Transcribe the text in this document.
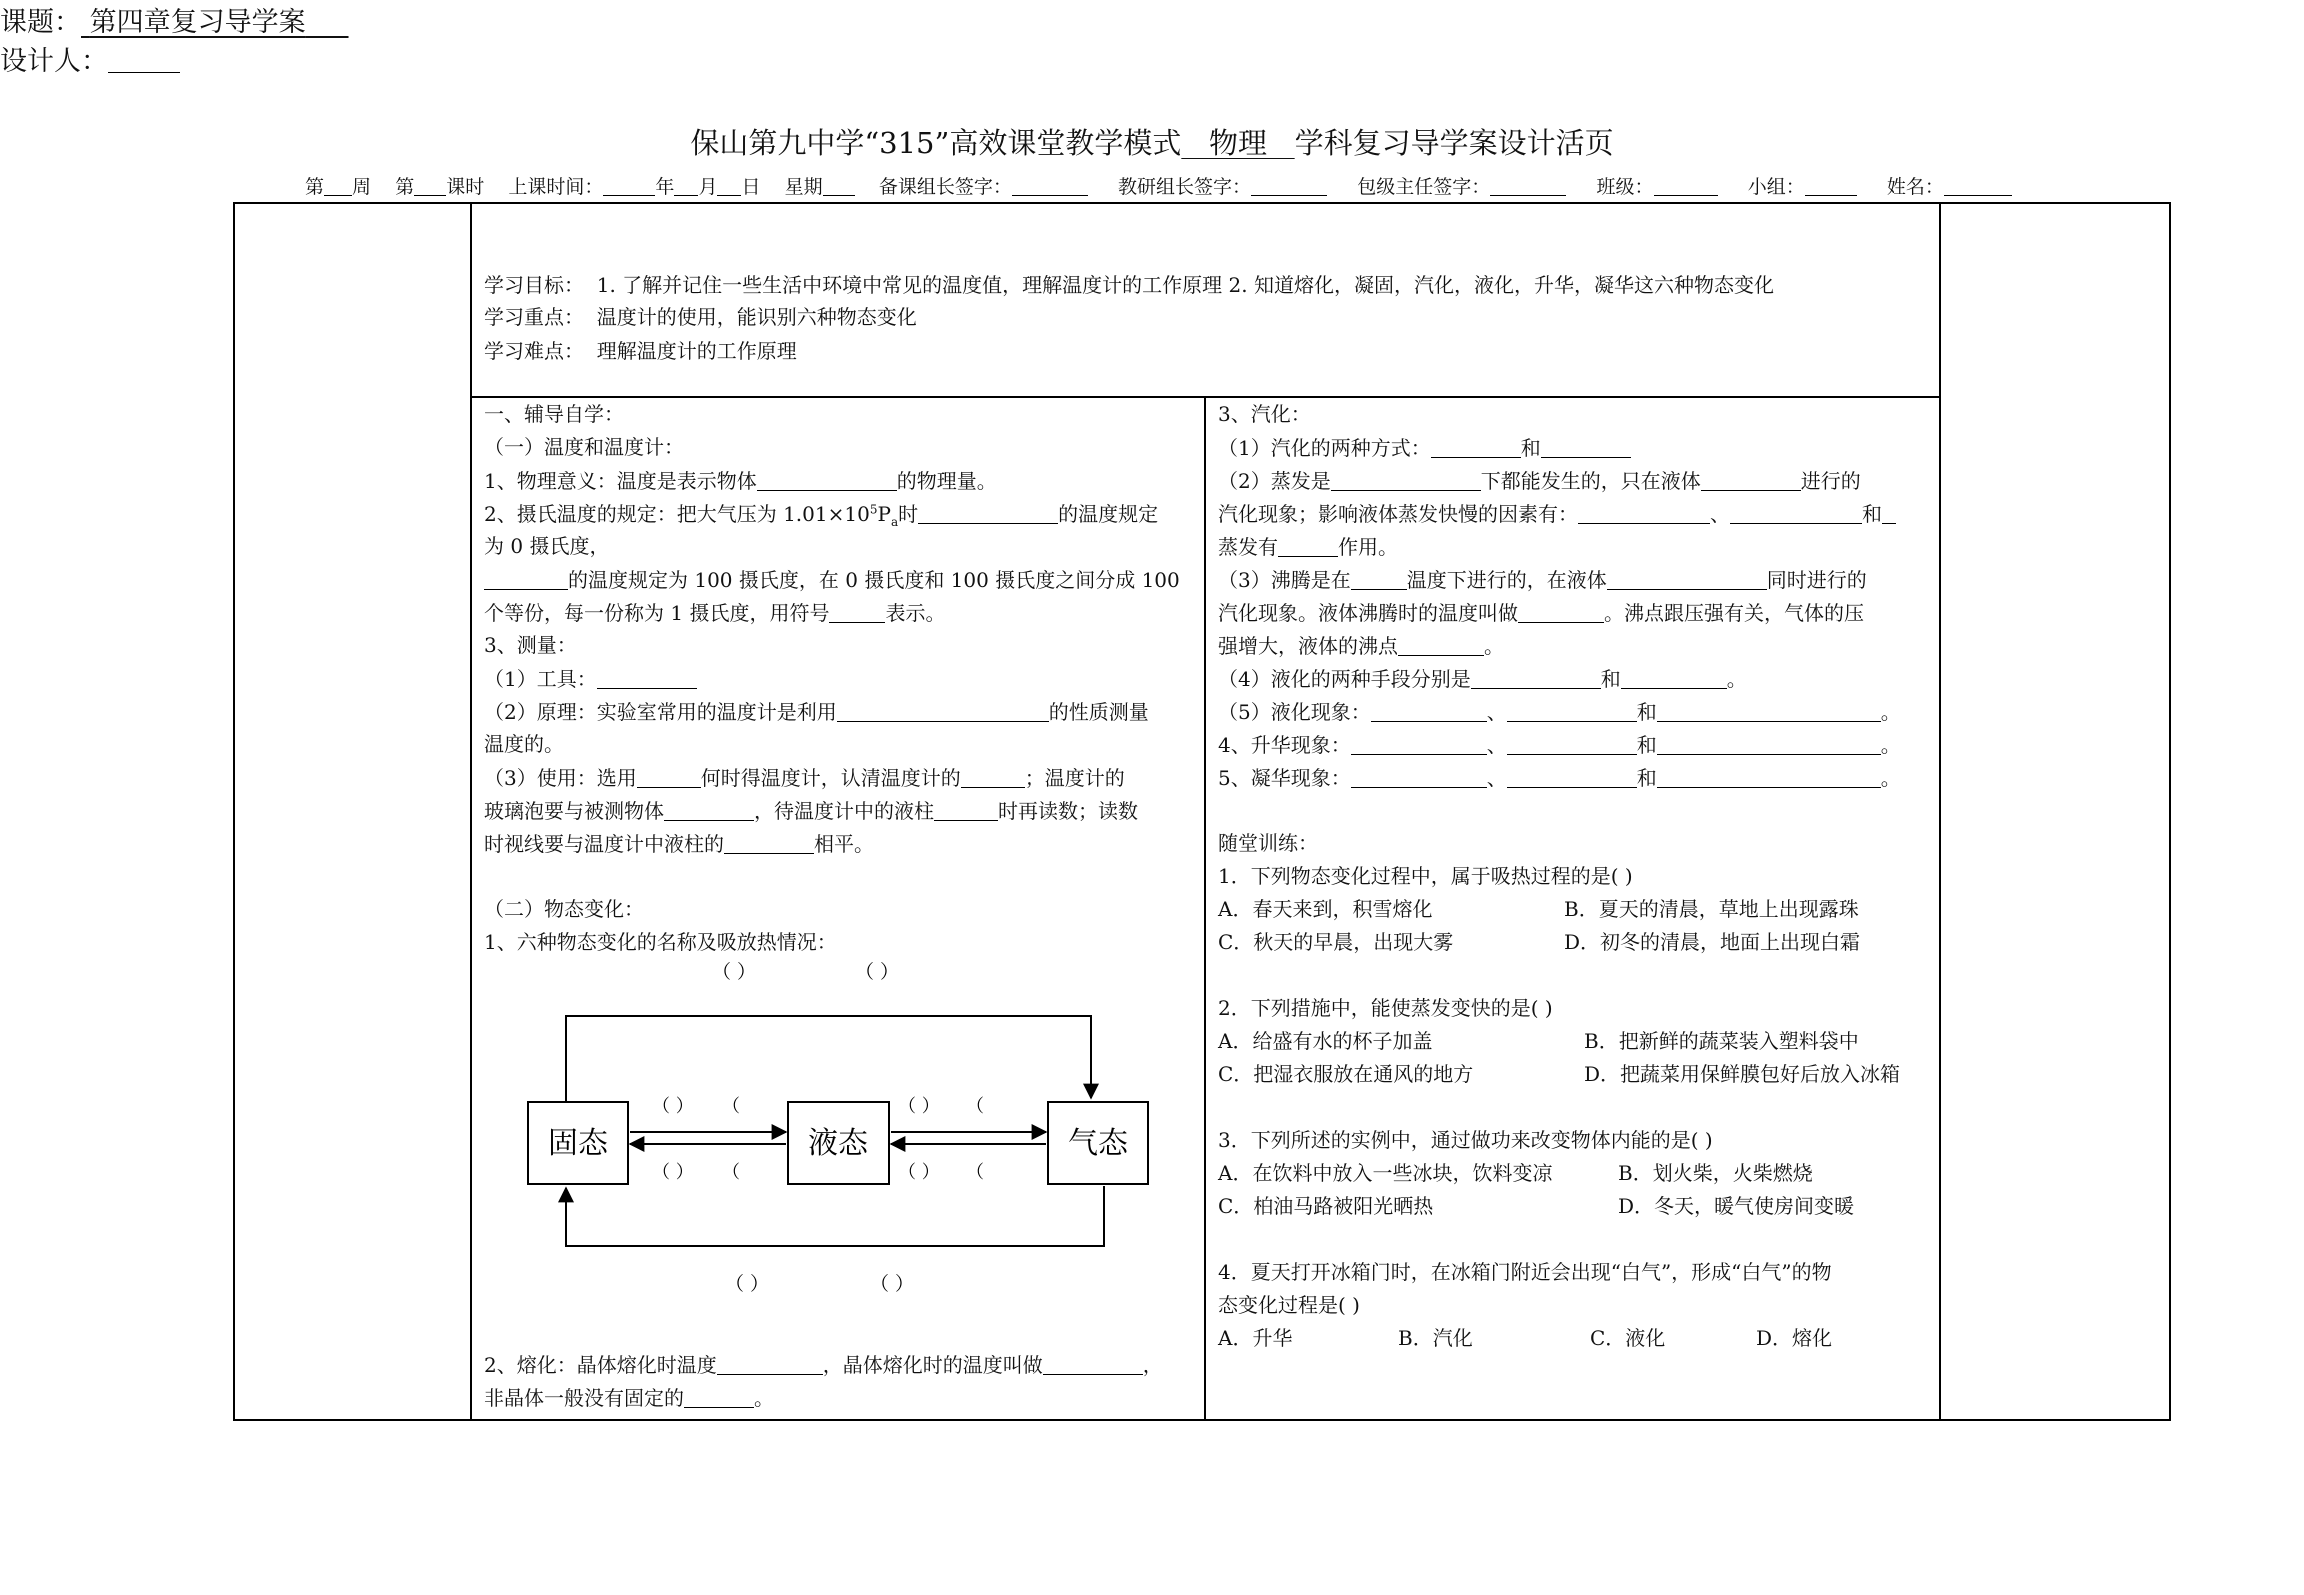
保山第九中学“315”高效课堂教学模式 物理 学科复习导学案设计活页
第 周 第 课时 上课时间：	年 月 日 星期	备课组长签字：	教研组长签字：	包级主任签字：	班级：	小组：	姓名：
课题： 第四章复习导学案
设计人：
学习目标： 1. 了解并记住一些生活中环境中常见的温度值，理解温度计的工作原理 2. 知道熔化，凝固，汽化，液化，升华，凝华这六种物态变化
学习重点： 温度计的使用，能识别六种物态变化
学习难点： 理解温度计的工作原理
一、辅导自学：
（一）温度和温度计：
1、物理意义：温度是表示物体	的物理量。
2、摄氏温度的规定：把大气压为 $1.01\times 10^5P_a$时	的温度规定
为 0 摄氏度，
的温度规定为 100 摄氏度，在 0 摄氏度和 100 摄氏度之间分成 100
个等份，每一份称为 1 摄氏度，用符号	表示。
3、测量：
（1）工具：
（2）原理：实验室常用的温度计是利用	的性质测量
温度的。
（3）使用：选用	何时得温度计，认清温度计的	；温度计的
玻璃泡要与被测物体	，待温度计中的液柱	时再读数；读数
时视线要与温度计中液柱的	相平。
（二）物态变化：
1、六种物态变化的名称及吸放热情况：
（ ）	（ ）
固态	液态	气态
（ ） （	（ ） （
（ ） （	（ ） （
（ ）	（ ）
2、熔化：晶体熔化时温度	，晶体熔化时的温度叫做	，
非晶体一般没有固定的	。
3、汽化：
（1）汽化的两种方式：	和
（2）蒸发是	下都能发生的，只在液体	进行的
汽化现象；影响液体蒸发快慢的因素有：	、	和
蒸发有	作用。
（3）沸腾是在	温度下进行的，在液体	同时进行的
汽化现象。液体沸腾时的温度叫做	。沸点跟压强有关，气体的压
强增大，液体的沸点	。
（4）液化的两种手段分别是	和	。
（5）液化现象：	、	和	。
4、升华现象：	、	和	。
5、凝华现象：	、	和	。
随堂训练：
1．下列物态变化过程中，属于吸热过程的是( )
A．春天来到，积雪熔化	B．夏天的清晨，草地上出现露珠
C．秋天的早晨，出现大雾	D．初冬的清晨，地面上出现白霜
2．下列措施中，能使蒸发变快的是( )
A．给盛有水的杯子加盖	B．把新鲜的蔬菜装入塑料袋中
C．把湿衣服放在通风的地方	D．把蔬菜用保鲜膜包好后放入冰箱
3．下列所述的实例中，通过做功来改变物体内能的是( )
A．在饮料中放入一些冰块，饮料变凉	B．划火柴，火柴燃烧
C．柏油马路被阳光晒热	D．冬天，暖气使房间变暖
4．夏天打开冰箱门时，在冰箱门附近会出现“白气”，形成“白气”的物
态变化过程是( )
A．升华	B．汽化	C．液化	D．熔化
